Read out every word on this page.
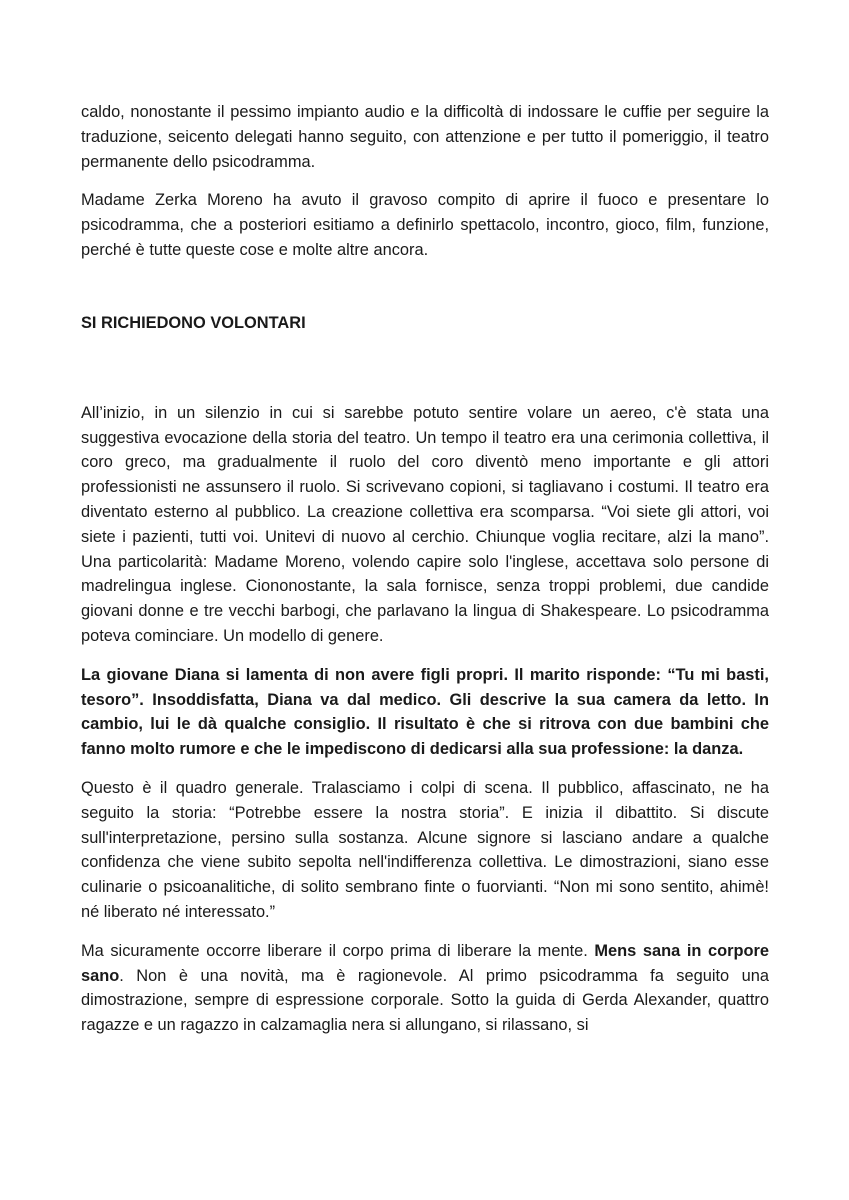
caldo, nonostante il pessimo impianto audio e la difficoltà di indossare le cuffie per seguire la traduzione, seicento delegati hanno seguito, con attenzione e per tutto il pomeriggio, il teatro permanente dello psicodramma.

Madame Zerka Moreno ha avuto il gravoso compito di aprire il fuoco e presentare lo psicodramma, che a posteriori esitiamo a definirlo spettacolo, incontro, gioco, film, funzione, perché è tutte queste cose e molte altre ancora.

SI RICHIEDONO VOLONTARI

All’inizio, in un silenzio in cui si sarebbe potuto sentire volare un aereo, c'è stata una suggestiva evocazione della storia del teatro. Un tempo il teatro era una cerimonia collettiva, il coro greco, ma gradualmente il ruolo del coro diventò meno importante e gli attori professionisti ne assunsero il ruolo. Si scrivevano copioni, si tagliavano i costumi. Il teatro era diventato esterno al pubblico. La creazione collettiva era scomparsa. “Voi siete gli attori, voi siete i pazienti, tutti voi. Unitevi di nuovo al cerchio. Chiunque voglia recitare, alzi la mano”. Una particolarità: Madame Moreno, volendo capire solo l'inglese, accettava solo persone di madrelingua inglese. Ciononostante, la sala fornisce, senza troppi problemi, due candide giovani donne e tre vecchi barbogi, che parlavano la lingua di Shakespeare. Lo psicodramma poteva cominciare. Un modello di genere.

La giovane Diana si lamenta di non avere figli propri. Il marito risponde: “Tu mi basti, tesoro”. Insoddisfatta, Diana va dal medico. Gli descrive la sua camera da letto. In cambio, lui le dà qualche consiglio. Il risultato è che si ritrova con due bambini che fanno molto rumore e che le impediscono di dedicarsi alla sua professione: la danza.

Questo è il quadro generale. Tralasciamo i colpi di scena. Il pubblico, affascinato, ne ha seguito la storia: “Potrebbe essere la nostra storia”. E inizia il dibattito. Si discute sull'interpretazione, persino sulla sostanza. Alcune signore si lasciano andare a qualche confidenza che viene subito sepolta nell'indifferenza collettiva. Le dimostrazioni, siano esse culinarie o psicoanalitiche, di solito sembrano finte o fuorvianti. “Non mi sono sentito, ahimè! né liberato né interessato.”

Ma sicuramente occorre liberare il corpo prima di liberare la mente. Mens sana in corpore sano. Non è una novità, ma è ragionevole. Al primo psicodramma fa seguito una dimostrazione, sempre di espressione corporale. Sotto la guida di Gerda Alexander, quattro ragazze e un ragazzo in calzamaglia nera si allungano, si rilassano, si
